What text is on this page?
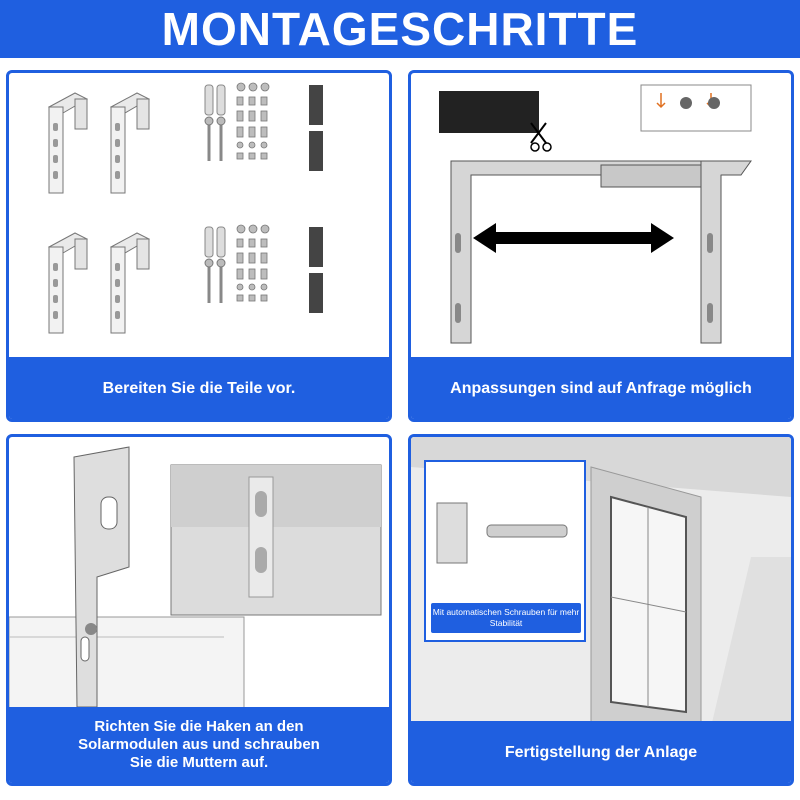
MONTAGESCHRITTE
Bereiten Sie die Teile vor.	Anpassungen sind auf Anfrage möglich
Richten Sie die Haken an den
Solarmodulen aus und schrauben
Sie die Muttern auf.
Mit automatischen Schrauben für mehr Stabilität
Fertigstellung der Anlage
